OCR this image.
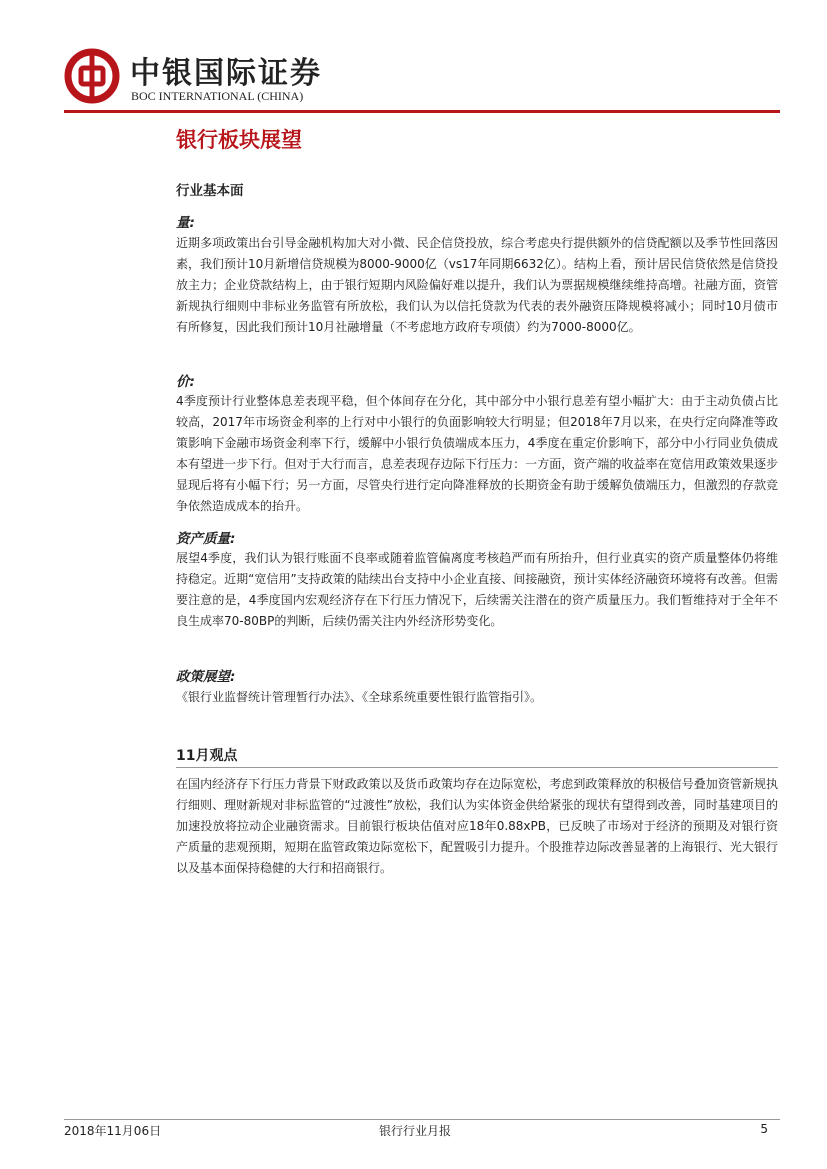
中银国际证券
BOC INTERNATIONAL (CHINA)
银行板块展望
行业基本面
量:
近期多项政策出台引导金融机构加大对小微、民企信贷投放，综合考虑央行提供额外的信贷配额以及季节性回落因素，我们预计10月新增信贷规模为8000-9000亿（vs17年同期6632亿）。结构上看，预计居民信贷依然是信贷投放主力；企业贷款结构上，由于银行短期内风险偏好难以提升，我们认为票据规模继续维持高增。社融方面，资管新规执行细则中非标业务监管有所放松，我们认为以信托贷款为代表的表外融资压降规模将减小；同时10月债市有所修复，因此我们预计10月社融增量（不考虑地方政府专项债）约为7000-8000亿。
价:
4季度预计行业整体息差表现平稳，但个体间存在分化，其中部分中小银行息差有望小幅扩大：由于主动负债占比较高，2017年市场资金利率的上行对中小银行的负面影响较大行明显；但2018年7月以来，在央行定向降准等政策影响下金融市场资金利率下行，缓解中小银行负债端成本压力，4季度在重定价影响下，部分中小行同业负债成本有望进一步下行。但对于大行而言，息差表现存边际下行压力：一方面，资产端的收益率在宽信用政策效果逐步显现后将有小幅下行；另一方面，尽管央行进行定向降准释放的长期资金有助于缓解负债端压力，但激烈的存款竞争依然造成成本的抬升。
资产质量:
展望4季度，我们认为银行账面不良率或随着监管偏离度考核趋严而有所抬升，但行业真实的资产质量整体仍将维持稳定。近期“宽信用”支持政策的陆续出台支持中小企业直接、间接融资，预计实体经济融资环境将有改善。但需要注意的是，4季度国内宏观经济存在下行压力情况下，后续需关注潜在的资产质量压力。我们暂维持对于全年不良生成率70-80BP的判断，后续仍需关注内外经济形势变化。
政策展望:
《银行业监督统计管理暂行办法》、《全球系统重要性银行监管指引》。
11月观点
在国内经济存下行压力背景下财政政策以及货币政策均存在边际宽松，考虑到政策释放的积极信号叠加资管新规执行细则、理财新规对非标监管的“过渡性”放松，我们认为实体资金供给紧张的现状有望得到改善，同时基建项目的加速投放将拉动企业融资需求。目前银行板块估值对应18年0.88xPB，已反映了市场对于经济的预期及对银行资产质量的悲观预期，短期在监管政策边际宽松下，配置吸引力提升。个股推荐边际改善显著的上海银行、光大银行以及基本面保持稳健的大行和招商银行。
2018年11月06日	银行行业月报	5
